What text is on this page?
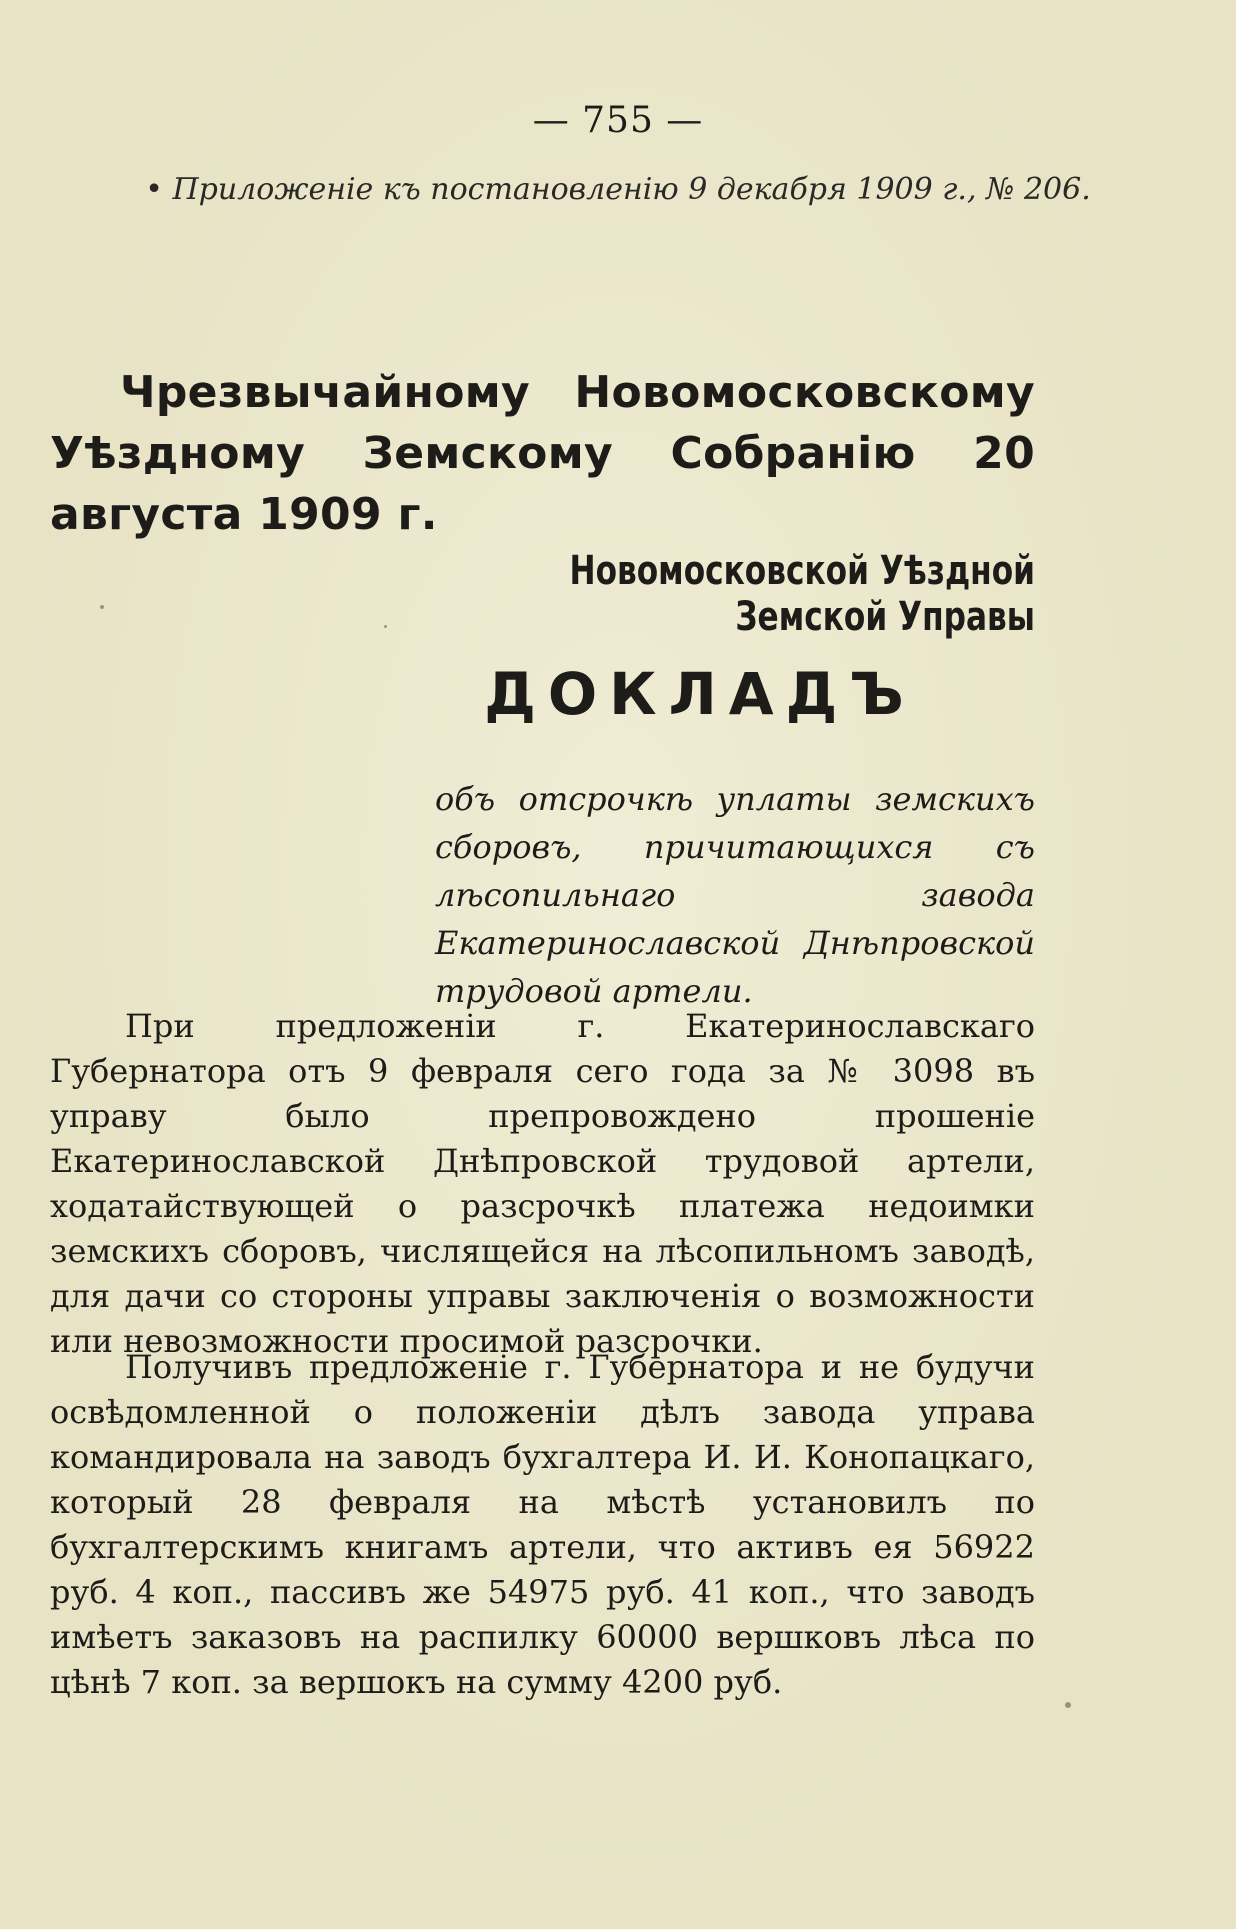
— 755 —
• Приложеніе къ постановленію 9 декабря 1909 г., № 206.
Чрезвычайному Новомосковскому Уѣздному Земскому Собранію 20 августа 1909 г.
Новомосковской Уѣздной Земской Управы
ДОКЛАДЪ
объ отсрочкѣ уплаты земскихъ сборовъ, причитающихся съ лѣсопильнаго завода Екатеринославской Днѣпровской трудовой артели.
При предложеніи г. Екатеринославскаго Губернатора отъ 9 февраля сего года за № 3098 въ управу было препровождено прошеніе Екатеринославской Днѣпровской трудовой артели, ходатайствующей о разсрочкѣ платежа недоимки земскихъ сборовъ, числящейся на лѣсопильномъ заводѣ, для дачи со стороны управы заключенія о возможности или невозможности просимой разсрочки.
Получивъ предложеніе г. Губернатора и не будучи освѣдомленной о положеніи дѣлъ завода управа командировала на заводъ бухгалтера И. И. Конопацкаго, который 28 февраля на мѣстѣ установилъ по бухгалтерскимъ книгамъ артели, что активъ ея 56922 руб. 4 коп., пассивъ же 54975 руб. 41 коп., что заводъ имѣетъ заказовъ на распилку 60000 вершковъ лѣса по цѣнѣ 7 коп. за вершокъ на сумму 4200 руб.
